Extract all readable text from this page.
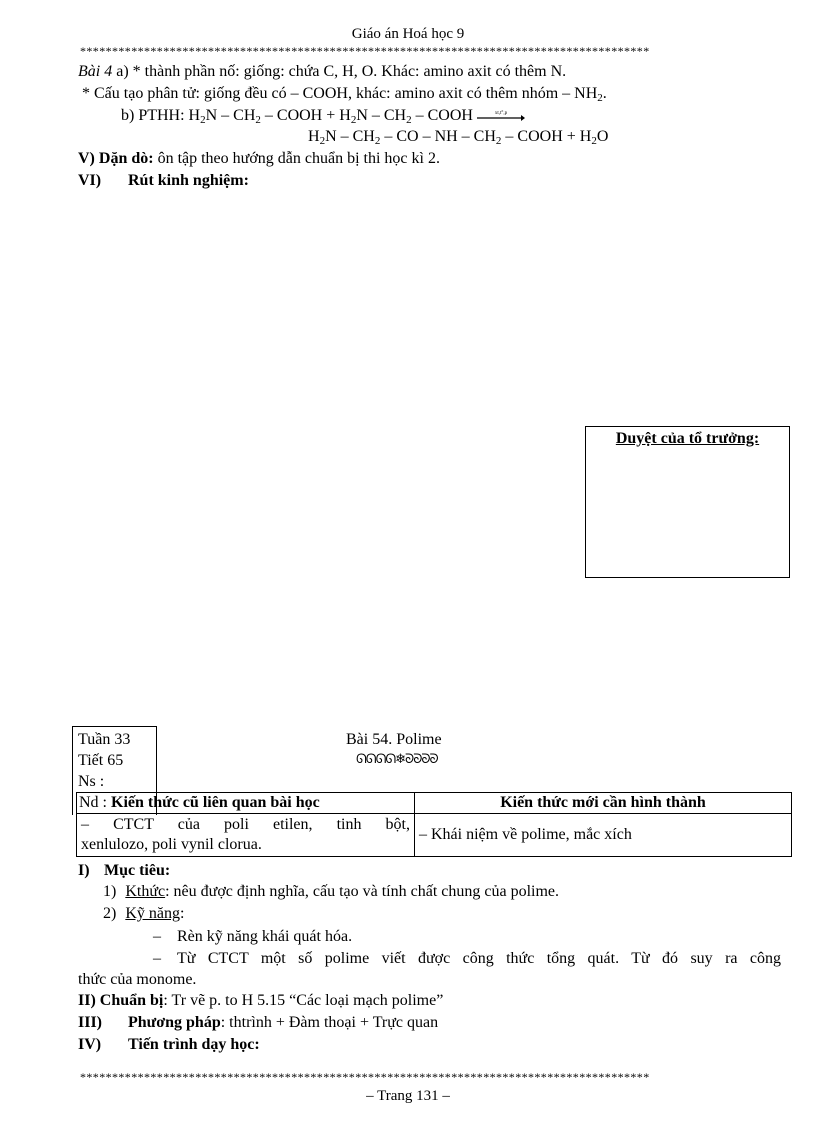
Giáo án Hoá học 9
*****************************************************************************************
Bài 4 a) * thành phần nố: giống: chứa C, H, O. Khác: amino axit có thêm N.
* Cấu tạo phân tử: giống đều có – COOH, khác: amino axit có thêm nhóm – $NH_2$.
b) PTHH: $H_2N - CH_2$ – COOH + $H_2N - CH_2$ – COOH	xt,t°,p
$H_2N - CH_2$ – CO – NH – $CH_2$ – COOH + $H_2O$
V) Dặn dò: ôn tập theo hướng dẫn chuẩn bị thi học kì 2.
VI) Rút kinh nghiệm:
Duyệt của tổ trưởng:
Tuần 33
Tiết 65
Ns :
Bài 54. Polime
ᘏᘏᘏᘏ❄ᘐᘐᘐᘐ
Nd : Kiến thức cũ liên quan bài học	Kiến thức mới cần hình thành

– CTCT của poli etilen, tinh bột,
xenlulozo, poli vynil clorua.	– Khái niệm về polime, mắc xích
I) Mục tiêu:
1) Kthức: nêu được định nghĩa, cấu tạo và tính chất chung của polime.
2) Kỹ năng:
– Rèn kỹ năng khái quát hóa.
– Từ CTCT một số polime viết được công thức tổng quát. Từ đó suy ra công
thức của monome.
II) Chuẩn bị: Tr vẽ p. to H 5.15 “Các loại mạch polime”
III) Phương pháp: thtrình + Đàm thoại + Trực quan
IV) Tiến trình dạy học:
*****************************************************************************************
– Trang 131 –
